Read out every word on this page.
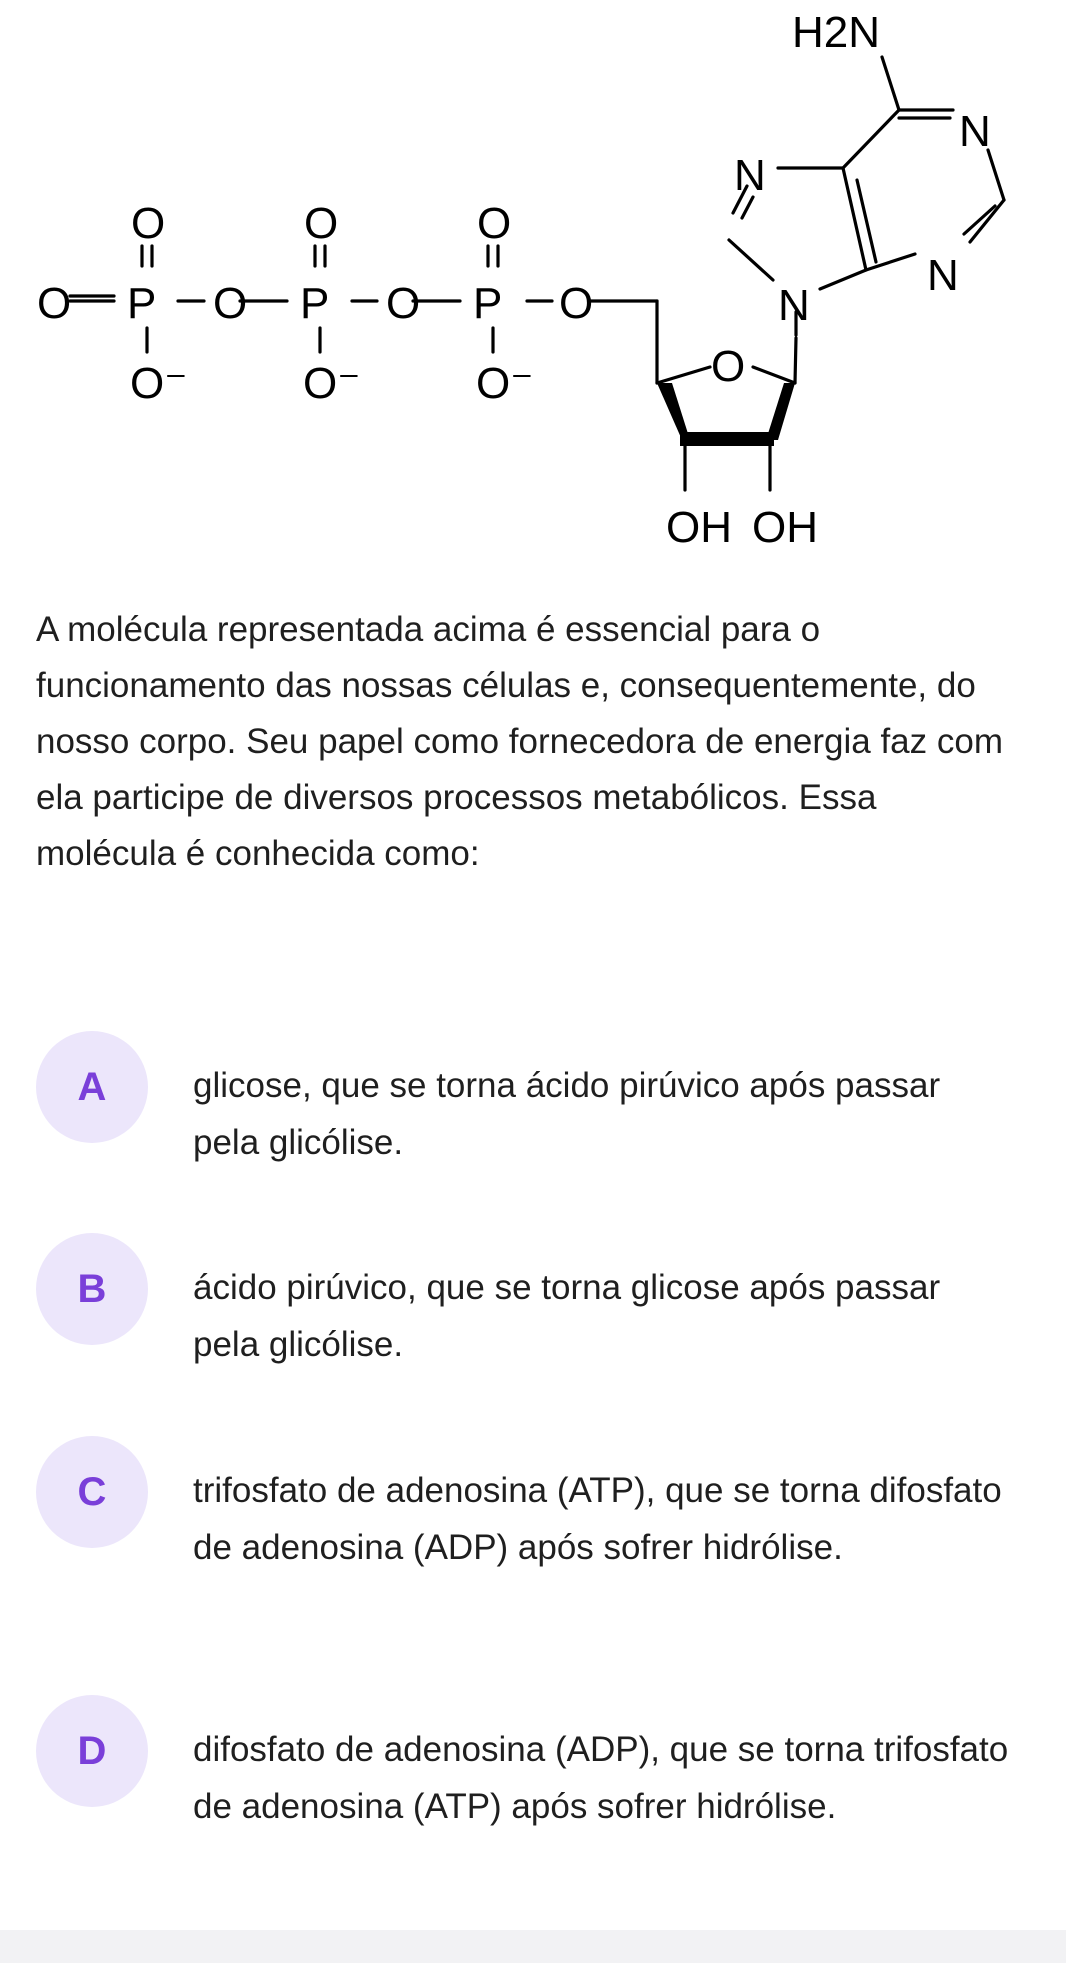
O P O P O P O
O	O	O
O⁻	O⁻	O⁻	O
OH OH
N
N
N
N
H2N

A molécula representada acima é essencial para o funcionamento das nossas células e, consequentemente, do nosso corpo. Seu papel como fornecedora de energia faz com ela participe de diversos processos metabólicos. Essa molécula é conhecida como:

A	glicose, que se torna ácido pirúvico após passar pela glicólise.
B	ácido pirúvico, que se torna glicose após passar pela glicólise.
C	trifosfato de adenosina (ATP), que se torna difosfato de adenosina (ADP) após sofrer hidrólise.
D	difosfato de adenosina (ADP), que se torna trifosfato de adenosina (ATP) após sofrer hidrólise.
